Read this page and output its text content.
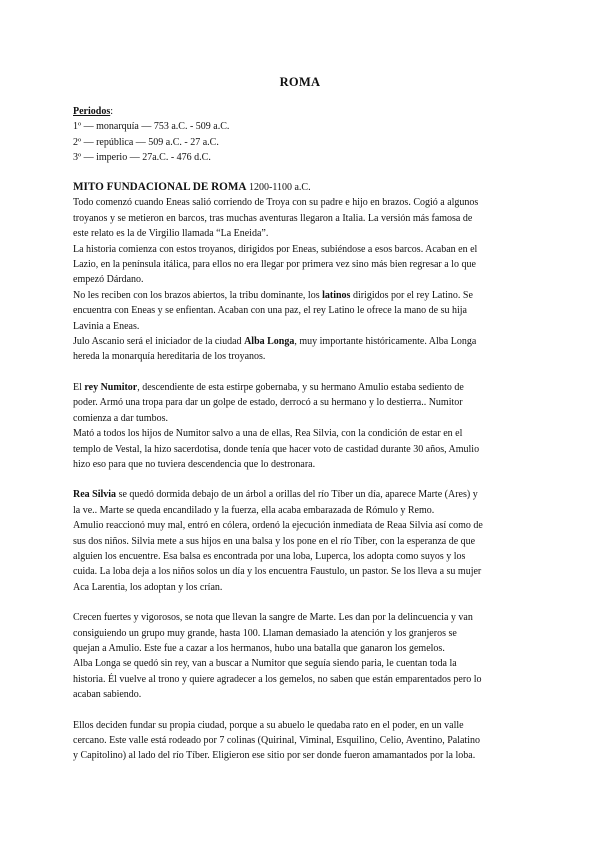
ROMA
Periodos:
1º — monarquía — 753 a.C. - 509 a.C.
2º — república — 509 a.C. - 27 a.C.
3º — imperio — 27a.C. - 476 d.C.
MITO FUNDACIONAL DE ROMA 1200-1100 a.C.
Todo comenzó cuando Eneas salió corriendo de Troya con su padre e hijo en brazos. Cogió a algunos
troyanos y se metieron en barcos, tras muchas aventuras llegaron a Italia. La versión más famosa de
este relato es la de Virgilio llamada “La Eneida”.
La historia comienza con estos troyanos, dirigidos por Eneas, subiéndose a esos barcos. Acaban en el
Lazio, en la península itálica, para ellos no era llegar por primera vez sino más bien regresar a lo que
empezó Dárdano.
No les reciben con los brazos abiertos, la tribu dominante, los latinos dirigidos por el rey Latino. Se
encuentra con Eneas y se enfientan. Acaban con una paz, el rey Latino le ofrece la mano de su hija
Lavinia a Eneas.
Julo Ascanio será el iniciador de la ciudad Alba Longa, muy importante históricamente. Alba Longa
hereda la monarquía hereditaria de los troyanos.
El rey Numitor, descendiente de esta estirpe gobernaba, y su hermano Amulio estaba sediento de
poder. Armó una tropa para dar un golpe de estado, derrocó a su hermano y lo destierra.. Numitor
comienza a dar tumbos.
Mató a todos los hijos de Numitor salvo a una de ellas, Rea Silvia, con la condición de estar en el
templo de Vestal, la hizo sacerdotisa, donde tenía que hacer voto de castidad durante 30 años, Amulio
hizo eso para que no tuviera descendencia que lo destronara.
Rea Silvia se quedó dormida debajo de un árbol a orillas del río Tíber un día, aparece Marte (Ares) y
la ve.. Marte se queda encandilado y la fuerza, ella acaba embarazada de Rómulo y Remo.
Amulio reaccionó muy mal, entró en cólera, ordenó la ejecución inmediata de Reaa Silvia así como de
sus dos niños. Silvia mete a sus hijos en una balsa y los pone en el río Tíber, con la esperanza de que
alguien los encuentre. Esa balsa es encontrada por una loba, Luperca, los adopta como suyos y los
cuida. La loba deja a los niños solos un día y los encuentra Faustulo, un pastor. Se los lleva a su mujer
Aca Larentia, los adoptan y los crían.
Crecen fuertes y vigorosos, se nota que llevan la sangre de Marte. Les dan por la delincuencia y van
consiguiendo un grupo muy grande, hasta 100. Llaman demasiado la atención y los granjeros se
quejan a Amulio. Este fue a cazar a los hermanos, hubo una batalla que ganaron los gemelos.
Alba Longa se quedó sin rey, van a buscar a Numitor que seguía siendo paria, le cuentan toda la
historia. Él vuelve al trono y quiere agradecer a los gemelos, no saben que están emparentados pero lo
acaban sabiendo.
Ellos deciden fundar su propia ciudad, porque a su abuelo le quedaba rato en el poder, en un valle
cercano. Este valle está rodeado por 7 colinas (Quirinal, Viminal, Esquilino, Celio, Aventino, Palatino
y Capitolino) al lado del río Tíber. Eligieron ese sitio por ser donde fueron amamantados por la loba.
